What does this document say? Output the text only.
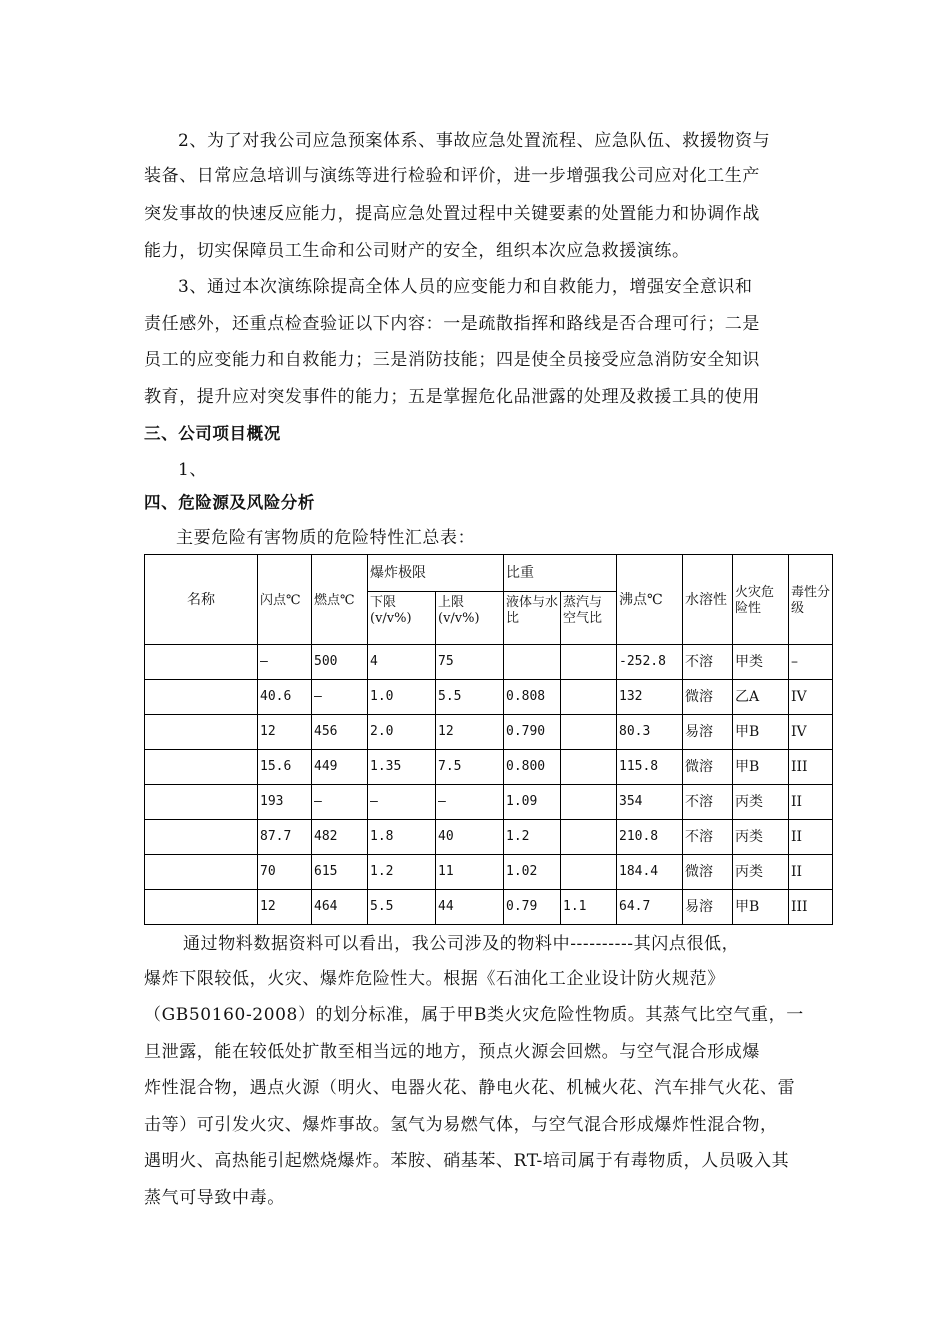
2、为了对我公司应急预案体系、事故应急处置流程、应急队伍、救援物资与
装备、日常应急培训与演练等进行检验和评价，进一步增强我公司应对化工生产
突发事故的快速反应能力，提高应急处置过程中关键要素的处置能力和协调作战
能力，切实保障员工生命和公司财产的安全，组织本次应急救援演练。
3、通过本次演练除提高全体人员的应变能力和自救能力，增强安全意识和
责任感外，还重点检查验证以下内容：一是疏散指挥和路线是否合理可行；二是
员工的应变能力和自救能力；三是消防技能；四是使全员接受应急消防安全知识
教育，提升应对突发事件的能力；五是掌握危化品泄露的处理及救援工具的使用
三、公司项目概况
1、
四、危险源及风险分析
主要危险有害物质的危险特性汇总表：
名称	闪点℃	燃点℃	爆炸极限		比重		沸点℃	水溶性	火灾危险性	毒性分级
			下限(v/v%)	上限(v/v%)	液体与水比	蒸汽与空气比				
	–	500	4	75			-252.8	不溶	甲类	–
	40.6	–	1.0	5.5	0.808		132	微溶	乙A	IV
	12	456	2.0	12	0.790		80.3	易溶	甲B	IV
	15.6	449	1.35	7.5	0.800		115.8	微溶	甲B	III
	193	–	–	–	1.09		354	不溶	丙类	II
	87.7	482	1.8	40	1.2		210.8	不溶	丙类	II
	70	615	1.2	11	1.02		184.4	微溶	丙类	II
	12	464	5.5	44	0.79	1.1	64.7	易溶	甲B	III
通过物料数据资料可以看出，我公司涉及的物料中----------其闪点很低，
爆炸下限较低，火灾、爆炸危险性大。根据《石油化工企业设计防火规范》
（GB50160-2008）的划分标准，属于甲B类火灾危险性物质。其蒸气比空气重，一
旦泄露，能在较低处扩散至相当远的地方，预点火源会回燃。与空气混合形成爆
炸性混合物，遇点火源（明火、电器火花、静电火花、机械火花、汽车排气火花、雷
击等）可引发火灾、爆炸事故。氢气为易燃气体，与空气混合形成爆炸性混合物，
遇明火、高热能引起燃烧爆炸。苯胺、硝基苯、RT-培司属于有毒物质，人员吸入其
蒸气可导致中毒。
